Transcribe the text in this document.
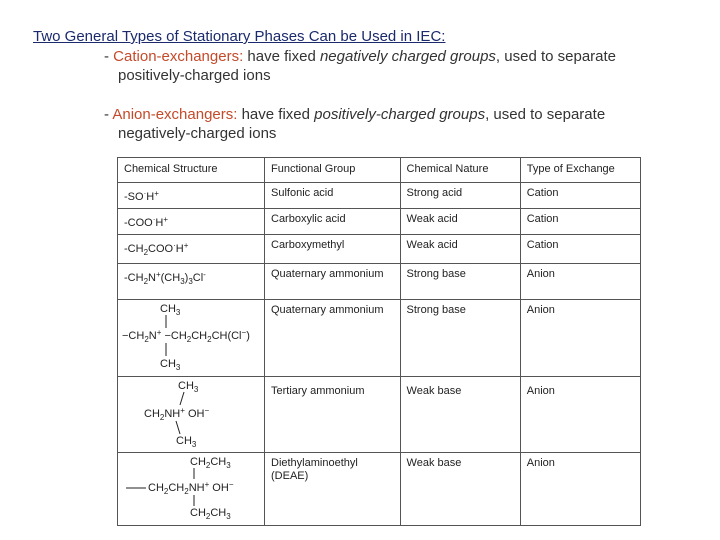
Two General Types of Stationary Phases Can be Used in IEC:
- Cation-exchangers: have fixed negatively charged groups, used to separate
positively-charged ions
- Anion-exchangers: have fixed positively-charged groups, used to separate
negatively-charged ions
Chemical Structure	Functional Group	Chemical Nature	Type of Exchange
-SO·H+	Sulfonic acid	Strong acid	Cation
-COO·H+	Carboxylic acid	Weak acid	Cation
$-CH_2COO^\cdot H^+$	Carboxymethyl	Weak acid	Cation
$-CH_2N^+(CH_3)_3Cl^-$	Quaternary ammonium	Strong base	Anion

$CH_3$
$-CH_2N^+ -CH_2CH_2CH(Cl^-)$
$CH_3$	Quaternary ammonium	Strong base	Anion

$CH_3$
$CH_2NH^+$ OH−
$CH_3$	Tertiary ammonium	Weak base	Anion

$CH_2CH_3$
$CH_2CH_2NH^+$ OH−
$CH_2CH_3$	Diethylaminoethyl (DEAE)	Weak base	Anion
